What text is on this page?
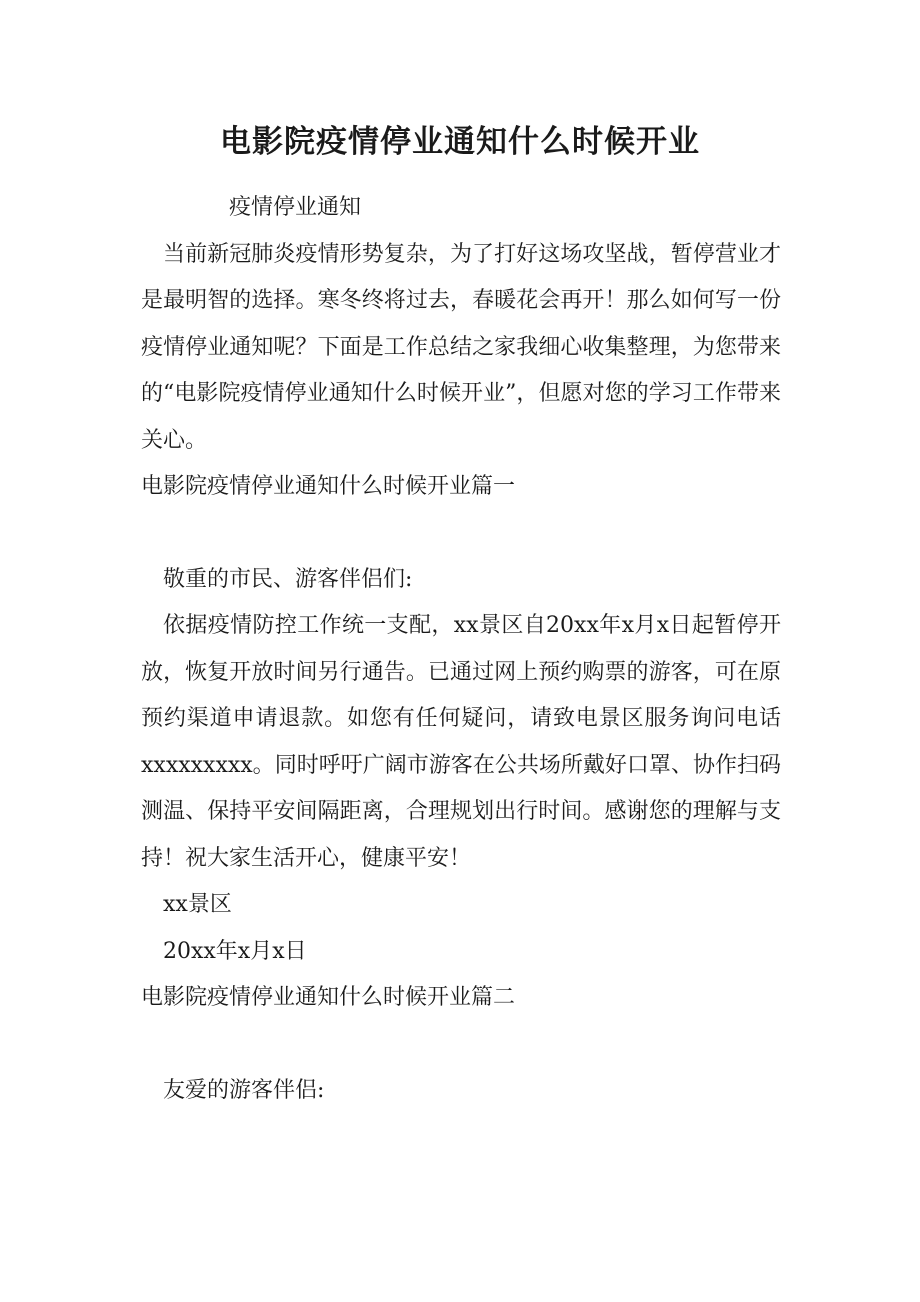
电影院疫情停业通知什么时候开业

疫情停业通知

当前新冠肺炎疫情形势复杂，为了打好这场攻坚战，暂停营业才是最明智的选择。寒冬终将过去，春暖花会再开！那么如何写一份疫情停业通知呢？下面是工作总结之家我细心收集整理，为您带来的“电影院疫情停业通知什么时候开业”，但愿对您的学习工作带来关心。

电影院疫情停业通知什么时候开业篇一

敬重的市民、游客伴侣们:

依据疫情防控工作统一支配，xx景区自20xx年x月x日起暂停开放，恢复开放时间另行通告。已通过网上预约购票的游客，可在原预约渠道申请退款。如您有任何疑问，请致电景区服务询问电话xxxxxxxxx。同时呼吁广阔市游客在公共场所戴好口罩、协作扫码测温、保持平安间隔距离，合理规划出行时间。感谢您的理解与支持！祝大家生活开心，健康平安！

xx景区

20xx年x月x日

电影院疫情停业通知什么时候开业篇二

友爱的游客伴侣:
